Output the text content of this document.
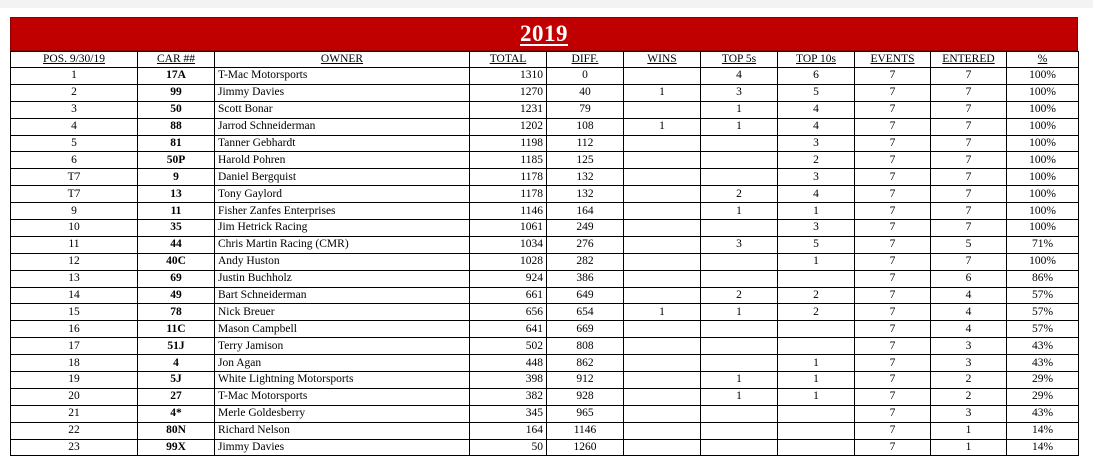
2019
POS. 9/30/19	CAR ##	OWNER	TOTAL	DIFF.	WINS	TOP 5s	TOP 10s	EVENTS	ENTERED	%
1	17A	T-Mac Motorsports	1310	0		4	6	7	7	100%
2	99	Jimmy Davies	1270	40	1	3	5	7	7	100%
3	50	Scott Bonar	1231	79		1	4	7	7	100%
4	88	Jarrod Schneiderman	1202	108	1	1	4	7	7	100%
5	81	Tanner Gebhardt	1198	112			3	7	7	100%
6	50P	Harold Pohren	1185	125			2	7	7	100%
T7	9	Daniel Bergquist	1178	132			3	7	7	100%
T7	13	Tony Gaylord	1178	132		2	4	7	7	100%
9	11	Fisher Zanfes Enterprises	1146	164		1	1	7	7	100%
10	35	Jim Hetrick Racing	1061	249			3	7	7	100%
11	44	Chris Martin Racing (CMR)	1034	276		3	5	7	5	71%
12	40C	Andy Huston	1028	282			1	7	7	100%
13	69	Justin Buchholz	924	386				7	6	86%
14	49	Bart Schneiderman	661	649		2	2	7	4	57%
15	78	Nick Breuer	656	654	1	1	2	7	4	57%
16	11C	Mason Campbell	641	669				7	4	57%
17	51J	Terry Jamison	502	808				7	3	43%
18	4	Jon Agan	448	862			1	7	3	43%
19	5J	White Lightning Motorsports	398	912		1	1	7	2	29%
20	27	T-Mac Motorsports	382	928		1	1	7	2	29%
21	4*	Merle Goldesberry	345	965				7	3	43%
22	80N	Richard Nelson	164	1146				7	1	14%
23	99X	Jimmy Davies	50	1260				7	1	14%
